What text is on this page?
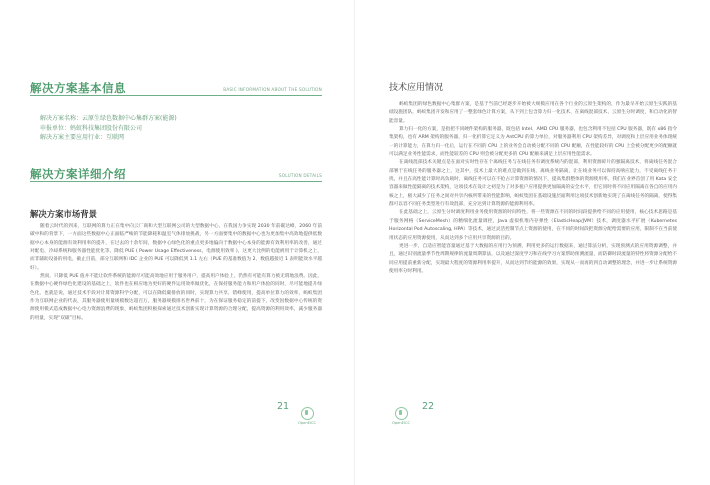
解决方案基本信息	BASIC INFORMATION ABOUT THE SOLUTION
解决方案名称：云原生绿色数据中心集群方案(能源)
申报单位：蚂蚁科技集团股份有限公司
解决方案主要应用行业：互联网
解决方案详细介绍	SOLUTION DETAILS
解决方案市场背景

随着云时代的到来，互联网的算力正在集中向云厂商和大型互联网公司的大型数据中心，在我国力争实现 2030 年前碳达峰、2060 年前碳中和的背景下，一方面这些数据中心正面临严峻的节能降耗和温室气体排放挑战，另一方面要集中的数据中心也为更加集中高效地提供低数据中心本身的能源有效利用率的提升，在过去的十余年间，数据中心绿色化的重点更多地偏向于数据中心本身的能源有效利用率的改善，通过对配电、冷却系统和服务器性能优化等，降低 PUE ( Power Usage Effectiveness，电源使用效率 )，这更大比例的电能被用于计算机之上，而非辅助设备的用电，截止目前，部分互联网和 IDC 企业的 PUE 可以降低到 1.1 左右（PUE 的基准数值为 2，数值越接近 1 表明能效水平越好）。

然而，只降低 PUE 值并不能让软件系统的能源尽可能高效地应用于服务用户，提高用户体验上，仍然有可能有算力被无谓地浪费。因此，在数据中心硬件绿色化建设的基础之上，软件也在相应地为更好的硬件运用效率做优化，在保持服务能力和用户体验的同时，尽可能地提升绿色化，也就是说，通过技术手段对计算资源科学分配，可以在降低碳排放的同时，实现算力共享，错峰使用，提高单位算力的效率，蚂蚁集团作为互联网企业的代表，其服务器使用量规模数达超百万，服务器规模排名世界前十，为在保证服务稳定的前提下，改变因数据中心传统的资源使用模式造成数据中心电力资源浪费的现象，蚂蚁集团积极探索通过技术创新实现计算资源的合理分配，提高资源的利用效率，减少服务器的用量，实现“双碳”目标。

21
OpenEICC
技术应用情况

蚂蚁集团的绿色数据中心集群方案，是基于当前已经逐步开始被大规模应用在各个行业的云原生架构的，作为最早开始云原生实践的基础设施团队，蚂蚁集团开发和应用了一整套绿色计算方案，从下到上包含算力归一化技术、在离线混部技术、云原生分时调度，和自动化的智能容量。

算力归一化的方案，是指把不同硬件架构的服务器，既包括 Intel、AMD CPU 服务器，也包含利用不包括 CPU 服务器，既有 x86 指令集架构，也有 ARM 架构的服务器，归一化折算它定义为 AntCPU 的算力单位，对服务器利用 CPU 架构差异，对调度和上层应用业务体现统一的计算能力，在算力归一化后，运行在不同的 CPU 上的业务会自动被分配不同的 CPU 配额，在性能较好的 CPU 上会被分配更少的配额就可以满足业务性能需求，而性能较差的 CPU 则会被分配更多的 CPU 配额来满足上层应用性能需求。

在离线混部技术关键点是在面对实时性存在个离线任务与在线任务有调度系统内的混部，利用资源碎片的强隔离技术，将离线任务混合部署于在线任务的服务器之上，这其中，技术上最大的难点是做到在线、离线业务隔离，让在线业务可以保持高响应能力，不受离线任务干扰，并且在高性能计算时高负载时，离线任务可以在不抢占计算资源的情况下，提高集群整体的资源使用率，我们在业界首创了用 Kata 安全容器来做性能隔离的技术架构，这项技术在设计之初是为了对多租户应用提供更加隔离的安全水平，但它同时将不同应用隔离在各自的应用内核之上，极大减少了任务之间对共享内核所带来的性能影响，蚂蚁集团在基础设施层面利用这项技术创新地实现了在离线任务的隔离，使得集群可以容不同任务类型进行有效混部，充分达到计算资源的能源利用率。

在此基础之上，云原生分时调度利用业务使用资源的时间特性，将一些资源在不同的时间段提供给不同的应用使用，核心技术思路是基于服务网格（ServiceMesh）的精细化流量调控，Java 虚拟机堆内存弹性（ElasticHeap/JVM）技术，调度器水平扩展（Kubernetes Horizontal Pod Autoscaling, HPA）等技术，通过灵活控制节点上资源的使用，在不同的时间段把资源分配给需要的应用，限制不在当前使用状态的应用资源使用，从而达到多个应用共享资源的目的。

更进一步，自适应智能容量通过基于大数据的应用行为预测，利用更多的运行数据来，通过算法分析，实现预测式的应用资源调整，并且，通过识别流量季节性周期规律的流量周期算法，以及通过深度学习和在线学习方案帮助预测流量，而防御时段流量的特性将资源分配给不同应用提前重新分配，实现最大程度的资源利用率提升，从而达到节约能源的效果，实现从一而再的到自动调整的理念，并进一步让系统资源使用率分时利用。

OpenEICC
22
